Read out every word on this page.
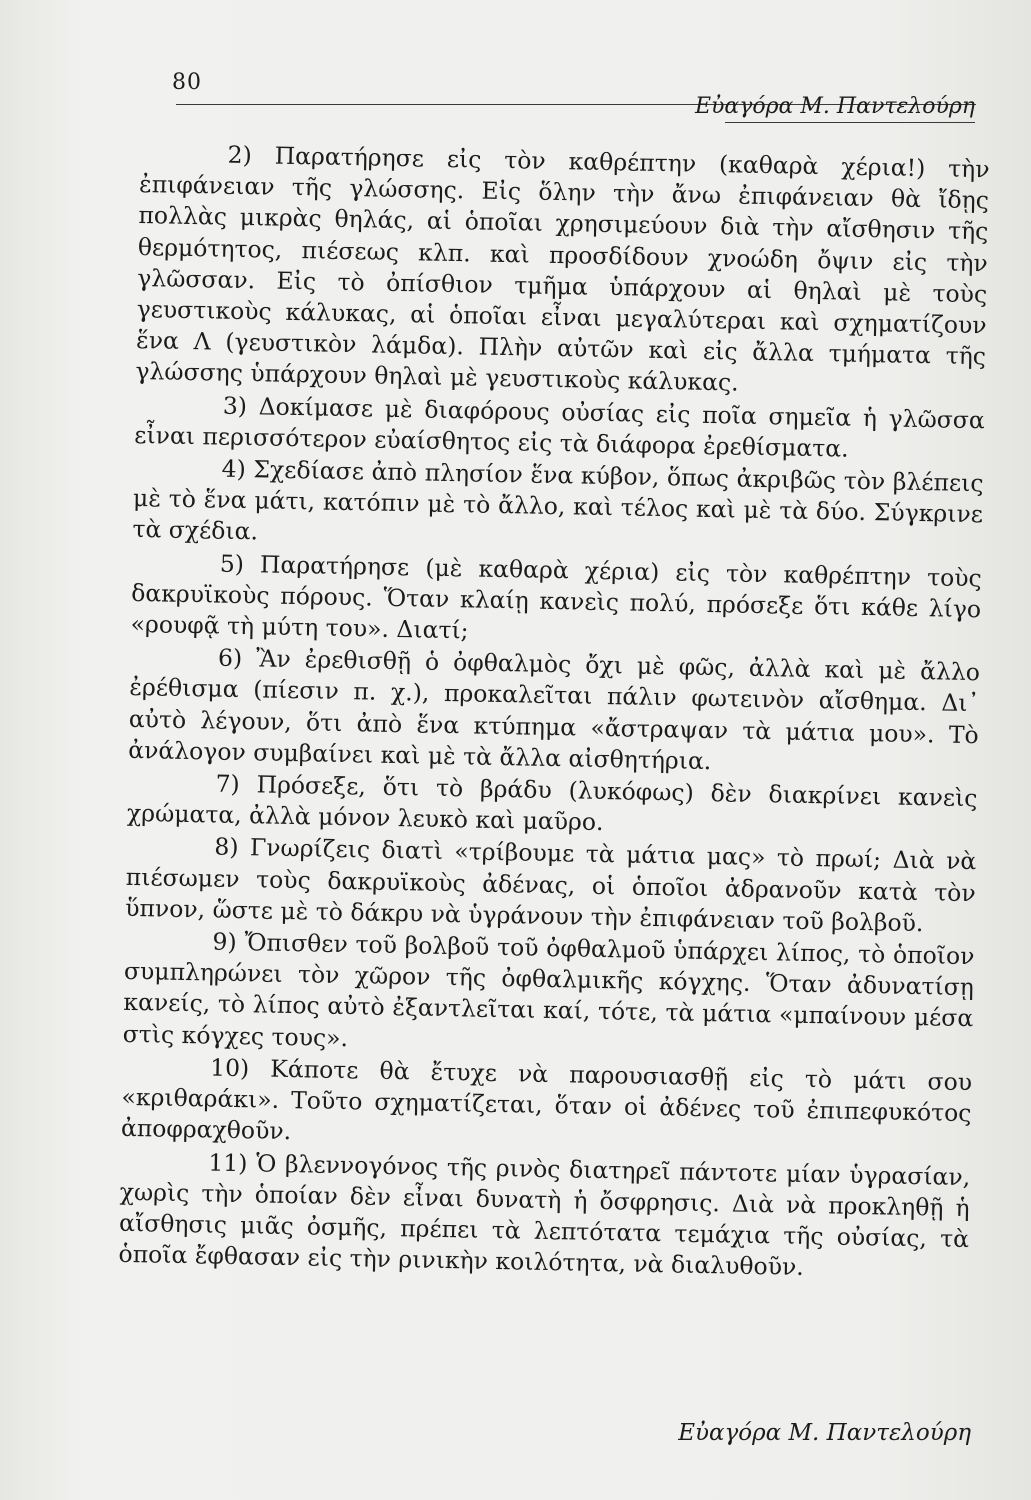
80
Εὐαγόρα Μ. Παντελούρη

2) Παρατήρησε εἰς τὸν καθρέπτην (καθαρὰ χέρια!) τὴν ἐπιφάνειαν τῆς γλώσσης. Εἰς ὅλην τὴν ἄνω ἐπιφάνειαν θὰ ἴδῃς πολλὰς μικρὰς θηλάς, αἱ ὁποῖαι χρησιμεύουν διὰ τὴν αἴσθησιν τῆς θερμότητος, πιέσεως κλπ. καὶ προσδίδουν χνοώδη ὄψιν εἰς τὴν γλῶσσαν. Εἰς τὸ ὀπίσθιον τμῆμα ὑπάρχουν αἱ θηλαὶ μὲ τοὺς γευστικοὺς κάλυκας, αἱ ὁποῖαι εἶναι μεγαλύτεραι καὶ σχηματίζουν ἕνα Λ (γευστικὸν λάμδα). Πλὴν αὐτῶν καὶ εἰς ἄλλα τμήματα τῆς γλώσσης ὑπάρχουν θηλαὶ μὲ γευστικοὺς κάλυκας.

3) Δοκίμασε μὲ διαφόρους οὐσίας εἰς ποῖα σημεῖα ἡ γλῶσσα εἶναι περισσότερον εὐαίσθητος εἰς τὰ διάφορα ἐρεθίσματα.

4) Σχεδίασε ἀπὸ πλησίον ἕνα κύβον, ὅπως ἀκριβῶς τὸν βλέπεις μὲ τὸ ἕνα μάτι, κατόπιν μὲ τὸ ἄλλο, καὶ τέλος καὶ μὲ τὰ δύο. Σύγκρινε τὰ σχέδια.

5) Παρατήρησε (μὲ καθαρὰ χέρια) εἰς τὸν καθρέπτην τοὺς δακρυϊκοὺς πόρους. Ὅταν κλαίῃ κανεὶς πολύ, πρόσεξε ὅτι κάθε λίγο «ρουφᾷ τὴ μύτη του». Διατί;

6) Ἂν ἐρεθισθῇ ὁ ὀφθαλμὸς ὄχι μὲ φῶς, ἀλλὰ καὶ μὲ ἄλλο ἐρέθισμα (πίεσιν π. χ.), προκαλεῖται πάλιν φωτεινὸν αἴσθημα. Δι᾿ αὐτὸ λέγουν, ὅτι ἀπὸ ἕνα κτύπημα «ἄστραψαν τὰ μάτια μου». Τὸ ἀνάλογον συμβαίνει καὶ μὲ τὰ ἄλλα αἰσθητήρια.

7) Πρόσεξε, ὅτι τὸ βράδυ (λυκόφως) δὲν διακρίνει κανεὶς χρώματα, ἀλλὰ μόνον λευκὸ καὶ μαῦρο.

8) Γνωρίζεις διατὶ «τρίβουμε τὰ μάτια μας» τὸ πρωί; Διὰ νὰ πιέσωμεν τοὺς δακρυϊκοὺς ἀδένας, οἱ ὁποῖοι ἀδρανοῦν κατὰ τὸν ὕπνον, ὥστε μὲ τὸ δάκρυ νὰ ὑγράνουν τὴν ἐπιφάνειαν τοῦ βολβοῦ.

9) Ὄπισθεν τοῦ βολβοῦ τοῦ ὀφθαλμοῦ ὑπάρχει λίπος, τὸ ὁποῖον συμπληρώνει τὸν χῶρον τῆς ὀφθαλμικῆς κόγχης. Ὅταν ἀδυνατίσῃ κανείς, τὸ λίπος αὐτὸ ἐξαντλεῖται καί, τότε, τὰ μάτια «μπαίνουν μέσα στὶς κόγχες τους».

10) Κάποτε θὰ ἔτυχε νὰ παρουσιασθῇ εἰς τὸ μάτι σου «κριθαράκι». Τοῦτο σχηματίζεται, ὅταν οἱ ἀδένες τοῦ ἐπιπεφυκότος ἀποφραχθοῦν.

11) Ὁ βλεννογόνος τῆς ρινὸς διατηρεῖ πάντοτε μίαν ὑγρασίαν, χωρὶς τὴν ὁποίαν δὲν εἶναι δυνατὴ ἡ ὄσφρησις. Διὰ νὰ προκληθῇ ἡ αἴσθησις μιᾶς ὀσμῆς, πρέπει τὰ λεπτότατα τεμάχια τῆς οὐσίας, τὰ ὁποῖα ἔφθασαν εἰς τὴν ρινικὴν κοιλότητα, νὰ διαλυθοῦν.

Εὐαγόρα Μ. Παντελούρη
